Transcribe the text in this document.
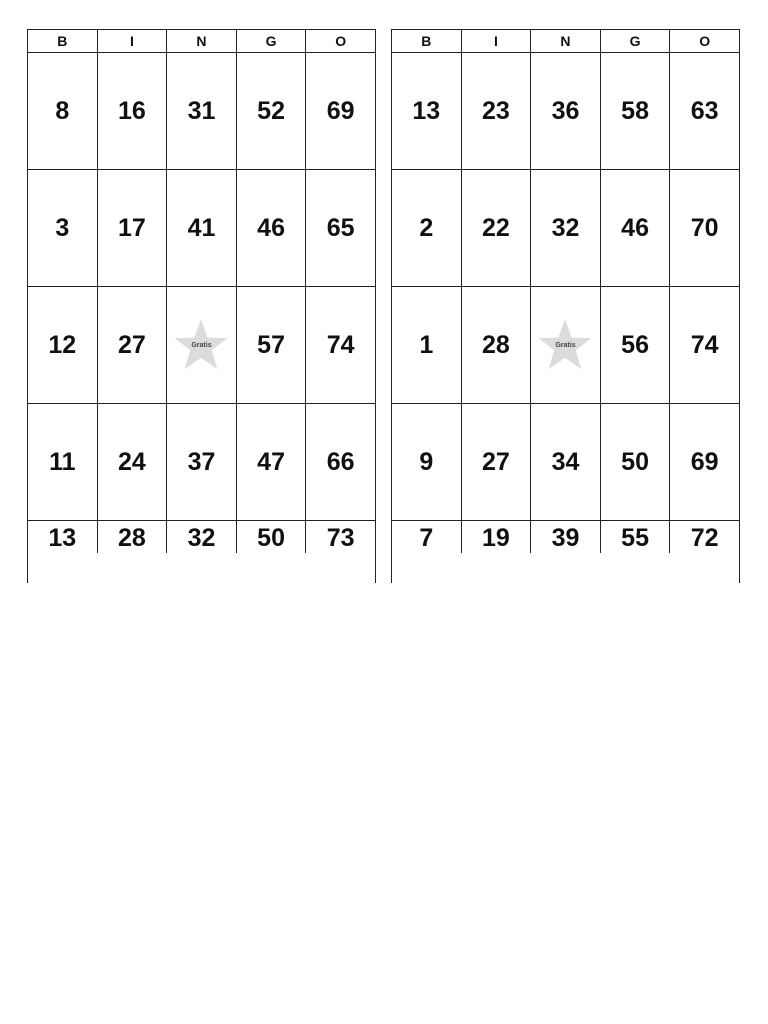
B	I	N	G	O
8	16	31	52	69
3	17	41	46	65
12	27	Gratis	57	74
11	24	37	47	66
13	28	32	50	73
B	I	N	G	O
13	23	36	58	63
2	22	32	46	70
1	28	Gratis	56	74
9	27	34	50	69
7	19	39	55	72
